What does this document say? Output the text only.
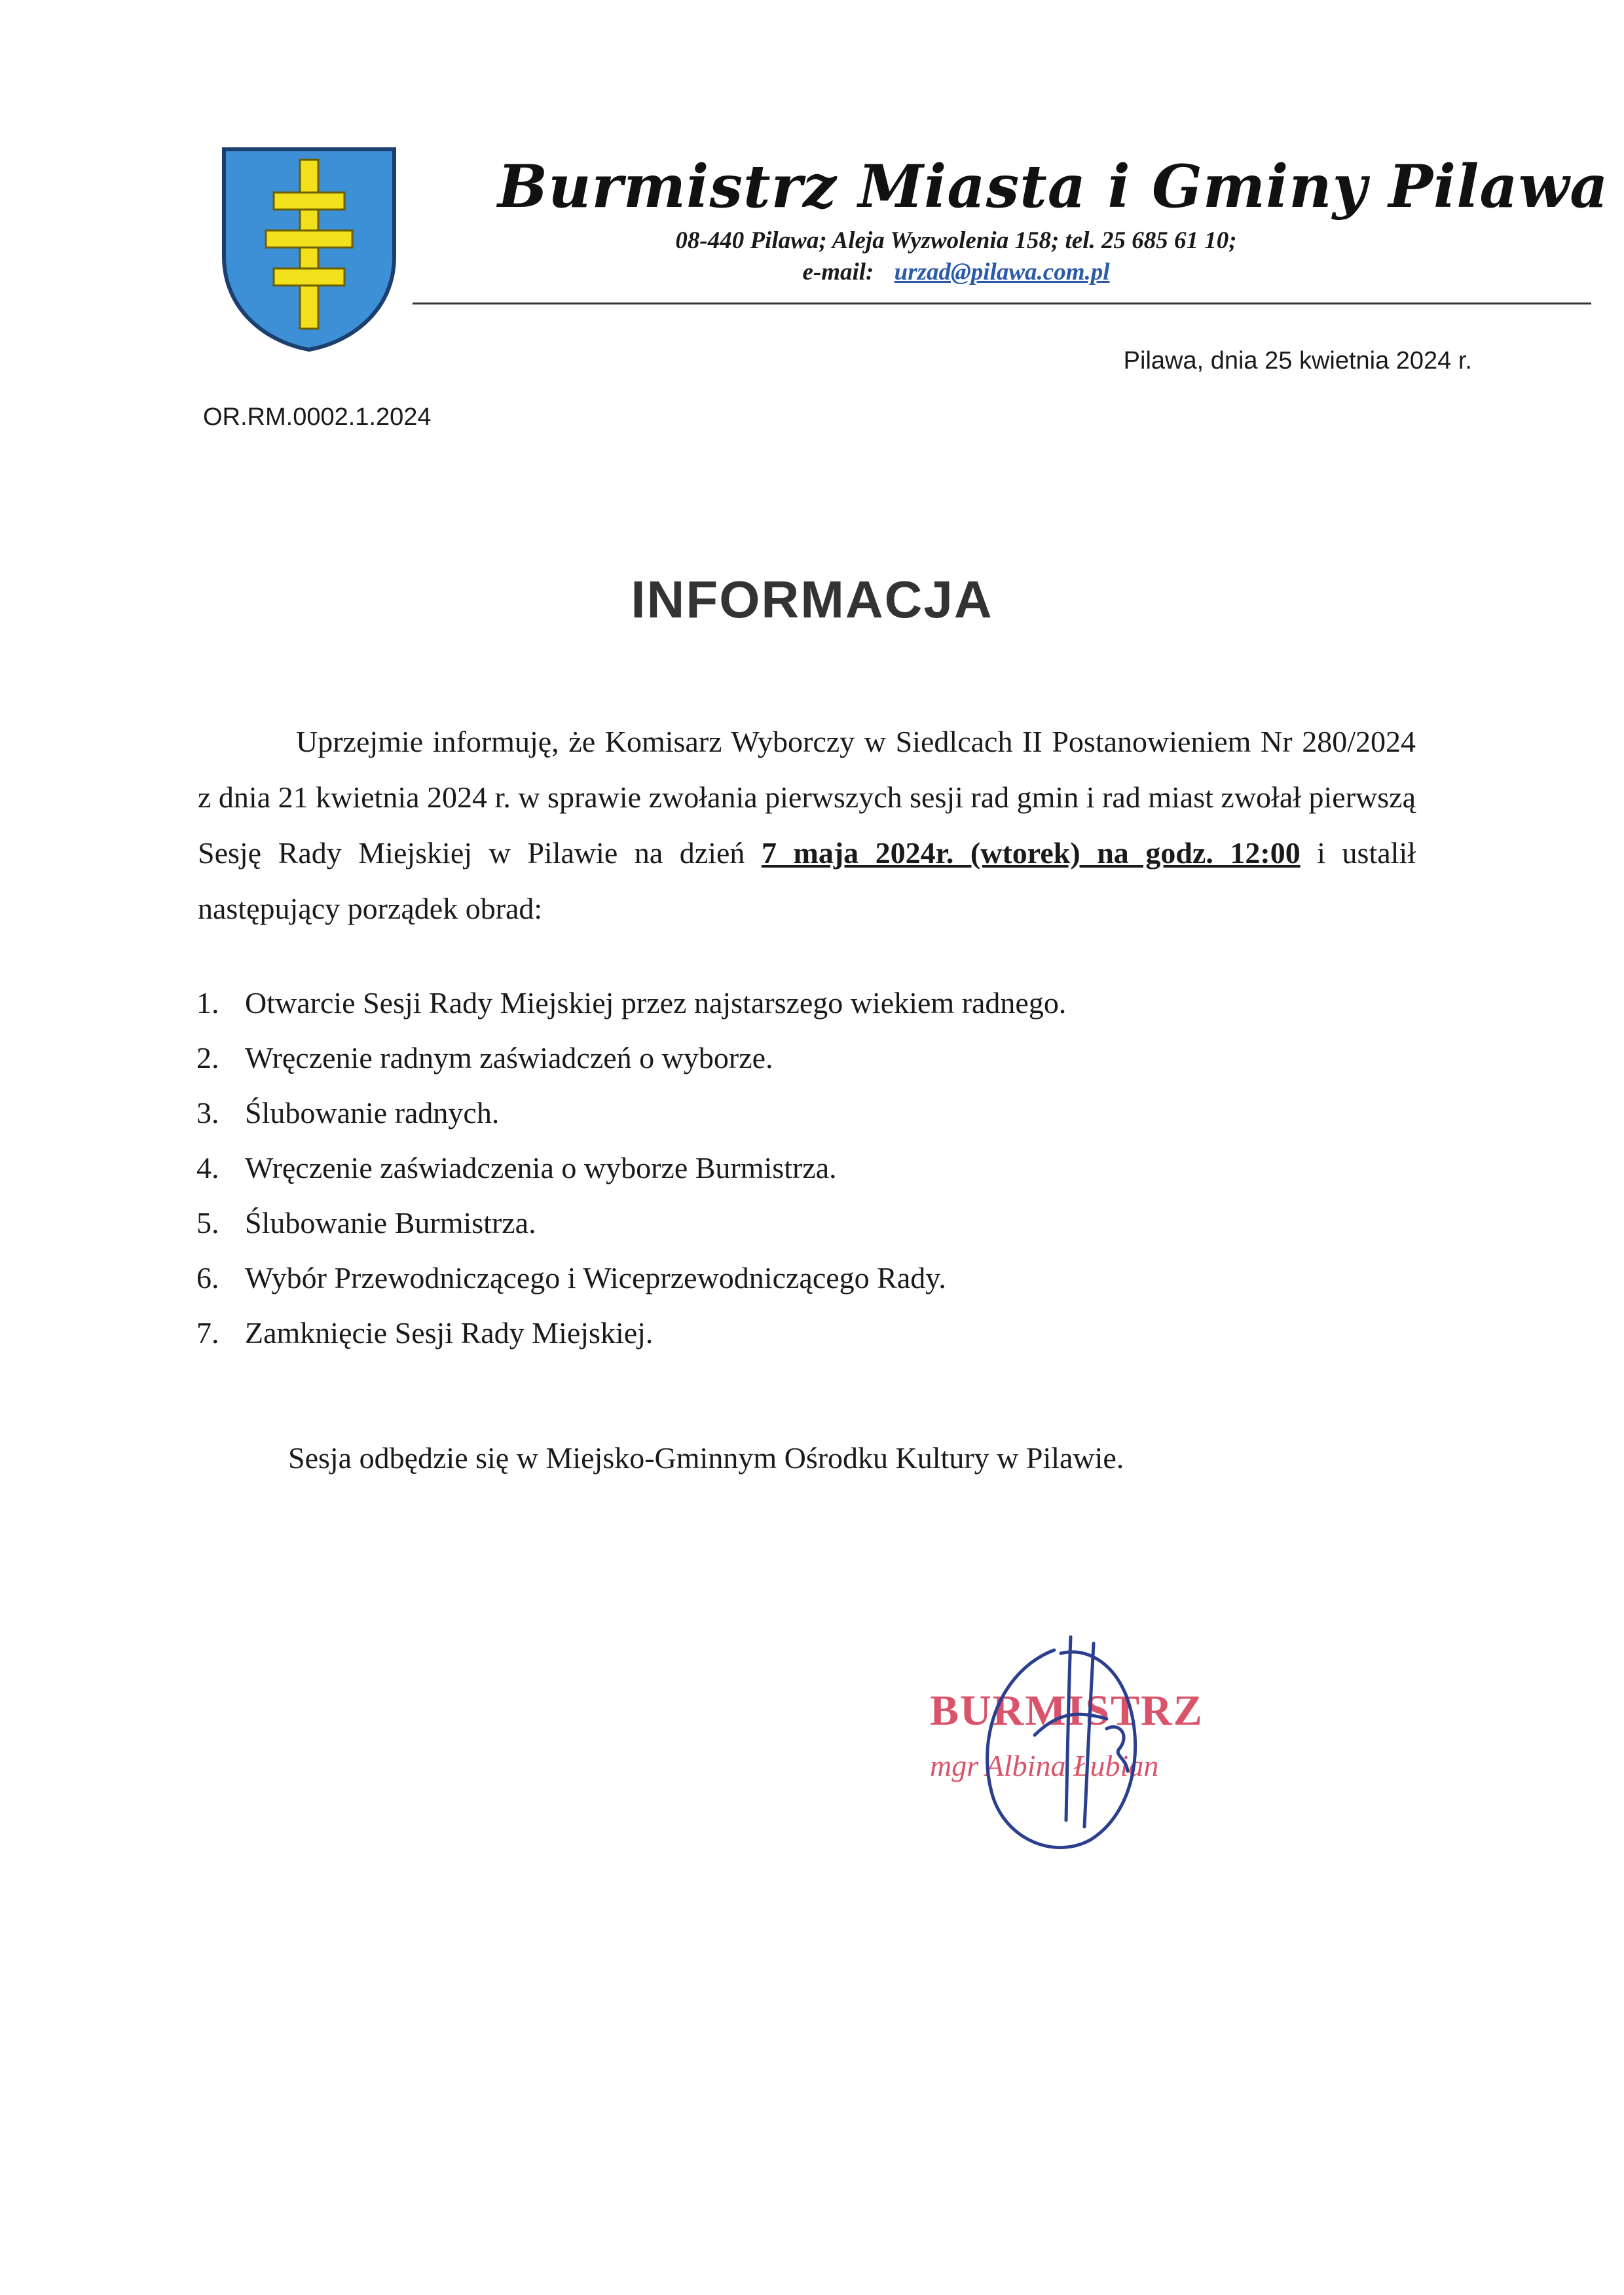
Burmistrz Miasta i Gminy Pilawa
08-440 Pilawa; Aleja Wyzwolenia 158; tel. 25 685 61 10;
e-mail: urzad@pilawa.com.pl
Pilawa, dnia 25 kwietnia 2024 r.
OR.RM.0002.1.2024
INFORMACJA
Uprzejmie informuję, że Komisarz Wyborczy w Siedlcach II Postanowieniem Nr 280/2024 z dnia 21 kwietnia 2024 r. w sprawie zwołania pierwszych sesji rad gmin i rad miast zwołał pierwszą Sesję Rady Miejskiej w Pilawie na dzień 7 maja 2024r. (wtorek) na godz. 12:00 i ustalił następujący porządek obrad:
1. Otwarcie Sesji Rady Miejskiej przez najstarszego wiekiem radnego.
2. Wręczenie radnym zaświadczeń o wyborze.
3. Ślubowanie radnych.
4. Wręczenie zaświadczenia o wyborze Burmistrza.
5. Ślubowanie Burmistrza.
6. Wybór Przewodniczącego i Wiceprzewodniczącego Rady.
7. Zamknięcie Sesji Rady Miejskiej.
Sesja odbędzie się w Miejsko-Gminnym Ośrodku Kultury w Pilawie.
BURMISTRZ
mgr Albina Łubian
